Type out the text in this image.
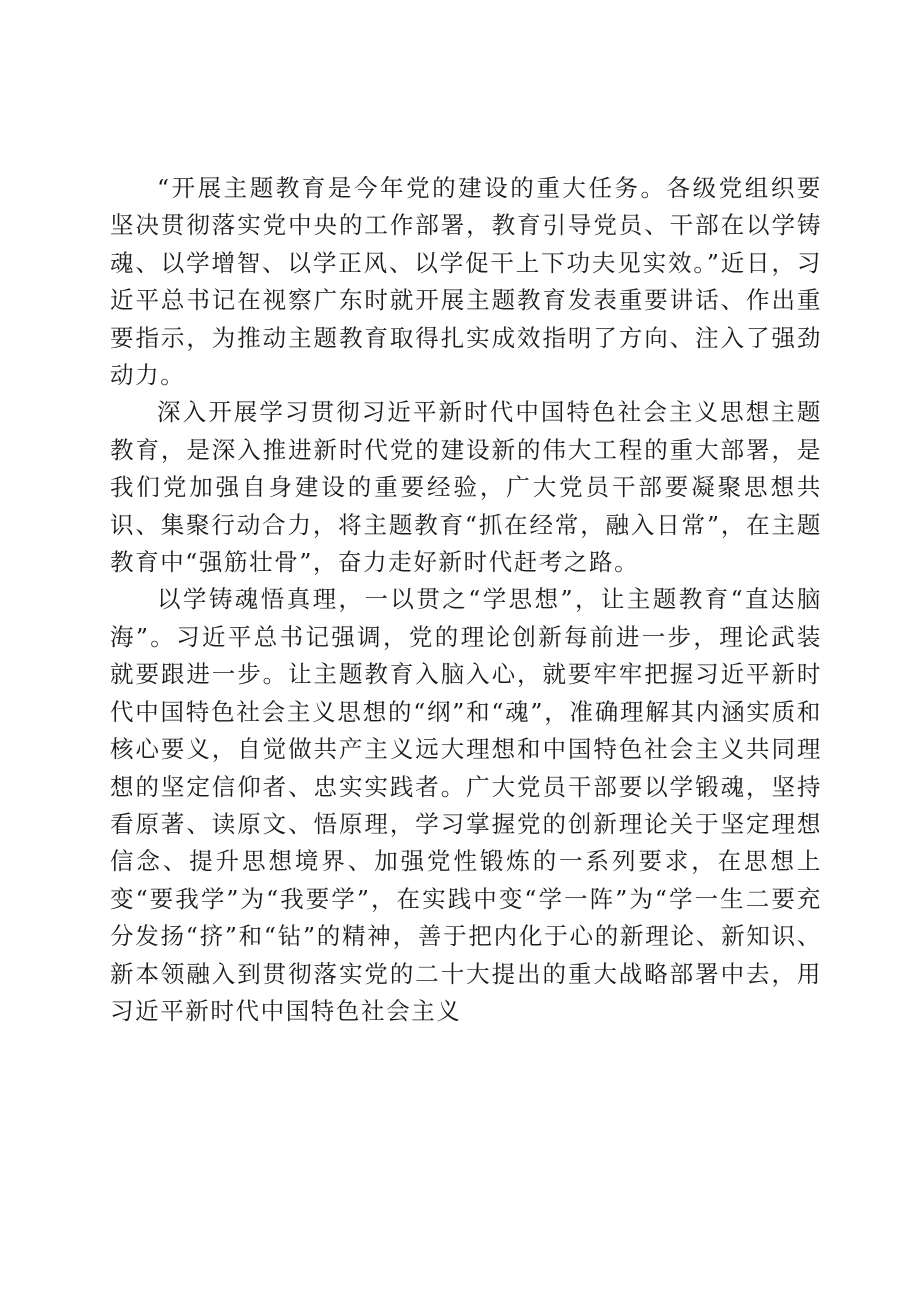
“开展主题教育是今年党的建设的重大任务。各级党组织要坚决贯彻落实党中央的工作部署，教育引导党员、干部在以学铸魂、以学增智、以学正风、以学促干上下功夫见实效。”近日，习近平总书记在视察广东时就开展主题教育发表重要讲话、作出重要指示，为推动主题教育取得扎实成效指明了方向、注入了强劲动力。

深入开展学习贯彻习近平新时代中国特色社会主义思想主题教育，是深入推进新时代党的建设新的伟大工程的重大部署，是我们党加强自身建设的重要经验，广大党员干部要凝聚思想共识、集聚行动合力，将主题教育“抓在经常，融入日常”，在主题教育中“强筋壮骨”，奋力走好新时代赶考之路。

以学铸魂悟真理，一以贯之“学思想”，让主题教育“直达脑海”。习近平总书记强调，党的理论创新每前进一步，理论武装就要跟进一步。让主题教育入脑入心，就要牢牢把握习近平新时代中国特色社会主义思想的“纲”和“魂”，准确理解其内涵实质和核心要义，自觉做共产主义远大理想和中国特色社会主义共同理想的坚定信仰者、忠实实践者。广大党员干部要以学锻魂，坚持看原著、读原文、悟原理，学习掌握党的创新理论关于坚定理想信念、提升思想境界、加强党性锻炼的一系列要求，在思想上变“要我学”为“我要学”，在实践中变“学一阵”为“学一生二要充分发扬“挤”和“钻”的精神，善于把内化于心的新理论、新知识、新本领融入到贯彻落实党的二十大提出的重大战略部署中去，用习近平新时代中国特色社会主义
